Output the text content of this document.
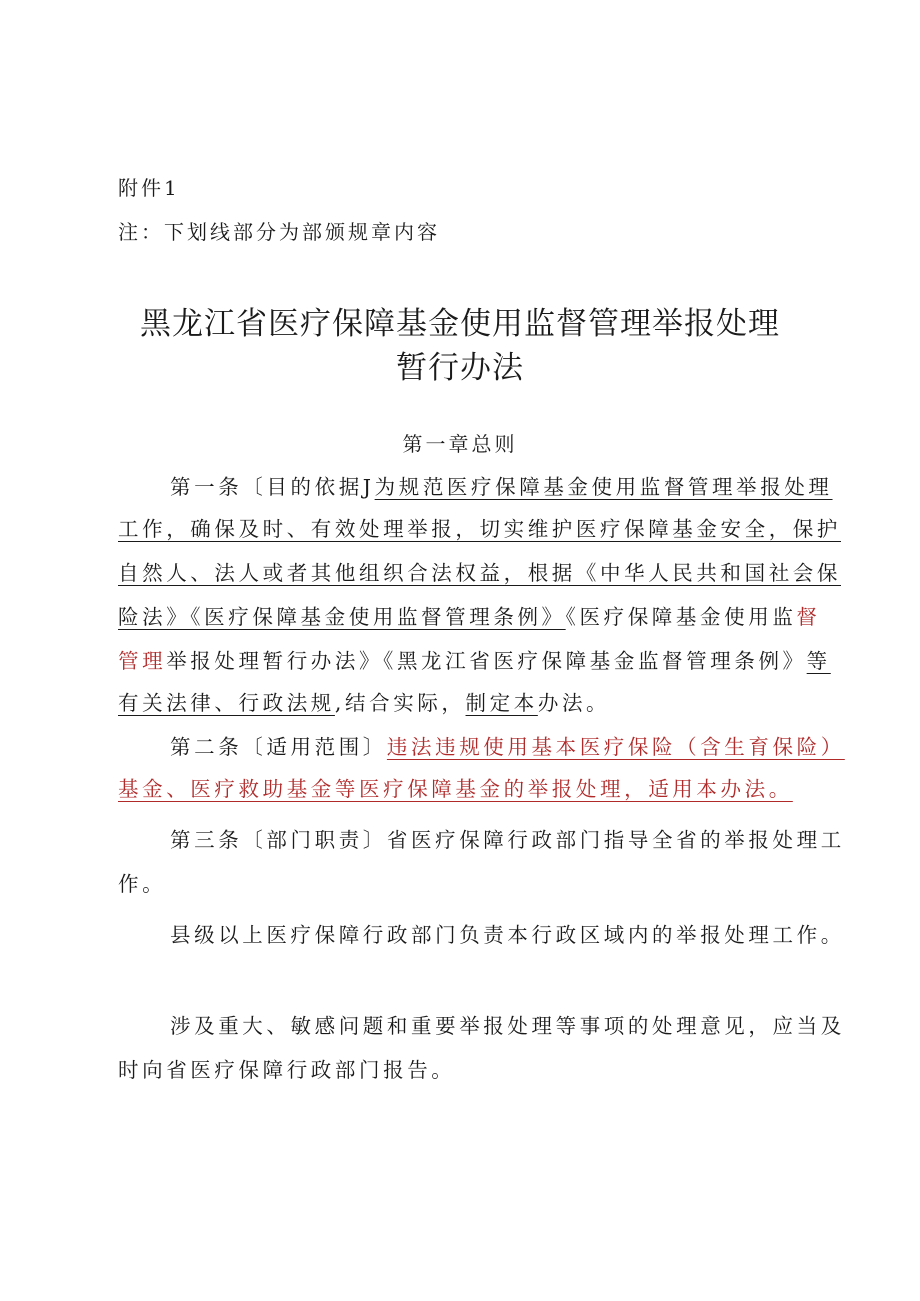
附件1
注：下划线部分为部颁规章内容
黑龙江省医疗保障基金使用监督管理举报处理
暂行办法
第一章总则
第一条〔目的依据J为规范医疗保障基金使用监督管理举报处理
工作，确保及时、有效处理举报，切实维护医疗保障基金安全，保护
自然人、法人或者其他组织合法权益，根据《中华人民共和国社会保
险法》《医疗保障基金使用监督管理条例》《医疗保障基金使用监督
管理举报处理暂行办法》《黑龙江省医疗保障基金监督管理条例》等
有关法律、行政法规,结合实际，制定本办法。
第二条〔适用范围〕违法违规使用基本医疗保险（含生育保险）
基金、医疗救助基金等医疗保障基金的举报处理，适用本办法。
第三条〔部门职责〕省医疗保障行政部门指导全省的举报处理工
作。
县级以上医疗保障行政部门负责本行政区域内的举报处理工作。
涉及重大、敏感问题和重要举报处理等事项的处理意见，应当及
时向省医疗保障行政部门报告。
